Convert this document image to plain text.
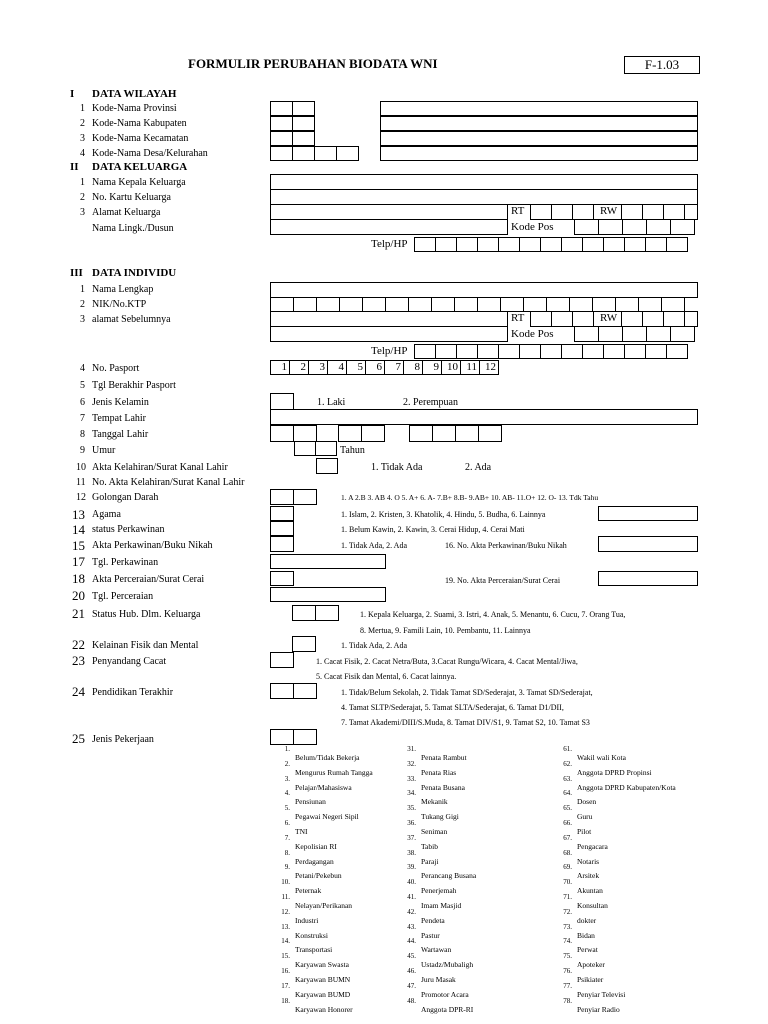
FORMULIR PERUBAHAN BIODATA WNI	F-1.03
I DATA WILAYAH
1 Kode-Nama Provinsi
2 Kode-Nama Kabupaten
3 Kode-Nama Kecamatan
4 Kode-Nama Desa/Kelurahan
II DATA KELUARGA
1 Nama Kepala Keluarga
2 No. Kartu Keluarga
3 Alamat Keluarga
Nama Lingk./Dusun
RT	RW
Kode Pos
Telp/HP
III DATA INDIVIDU
1 Nama Lengkap
2 NIK/No.KTP
3 alamat Sebelumnya	RT	RW
Kode Pos
Telp/HP
4 No. Pasport	1	2	3	4	5	6	7	8	9 10 11 12
5 Tgl Berakhir Pasport
6 Jenis Kelamin	1. Laki	2. Perempuan
7 Tempat Lahir
8 Tanggal Lahir
9 Umur	Tahun
10 Akta Kelahiran/Surat Kanal Lahir	1. Tidak Ada	2. Ada
11 No. Akta Kelahiran/Surat Kanal Lahir
12 Golongan Darah	1. A 2.B 3. AB 4. O 5. A+ 6. A- 7.B+ 8.B- 9.AB+ 10. AB- 11.O+ 12. O- 13. Tdk Tahu
13 Agama	1. Islam, 2. Kristen, 3. Khatolik, 4. Hindu, 5. Budha, 6. Lainnya
14 status Perkawinan	1. Belum Kawin, 2. Kawin, 3. Cerai Hidup, 4. Cerai Mati
15 Akta Perkawinan/Buku Nikah	1. Tidak Ada, 2. Ada	16. No. Akta Perkawinan/Buku Nikah
17 Tgl. Perkawinan
18 Akta Perceraian/Surat Cerai	19. No. Akta Perceraian/Surat Cerai
20 Tgl. Perceraian
21 Status Hub. Dlm. Keluarga	1. Kepala Keluarga, 2. Suami, 3. Istri, 4. Anak, 5. Menantu, 6. Cucu, 7. Orang Tua,
8. Mertua, 9. Famili Lain, 10. Pembantu, 11. Lainnya
22 Kelainan Fisik dan Mental	1. Tidak Ada, 2. Ada
23 Penyandang Cacat	1. Cacat Fisik, 2. Cacat Netra/Buta, 3.Cacat Rungu/Wicara, 4. Cacat Mental/Jiwa,
5. Cacat Fisik dan Mental, 6. Cacat lainnya.
24 Pendidikan Terakhir	1. Tidak/Belum Sekolah, 2. Tidak Tamat SD/Sederajat, 3. Tamat SD/Sederajat,
4. Tamat SLTP/Sederajat, 5. Tamat SLTA/Sederajat, 6. Tamat D1/DII,
7. Tamat Akademi/DIII/S.Muda, 8. Tamat DIV/S1, 9. Tamat S2, 10. Tamat S3
25 Jenis Pekerjaan
1.Belum/Tidak Bekerja
2.Mengurus Rumah Tangga
3.Pelajar/Mahasiswa
4.Pensiunan
5.Pegawai Negeri Sipil
6.TNI
7.Kepolisian RI
8.Perdagangan
9.Petani/Pekebun
10.Peternak
11.Nelayan/Perikanan
12.Industri
13.Konstruksi
14.Transportasi
15.Karyawan Swasta
16.Karyawan BUMN
17.Karyawan BUMD
18.Karyawan Honorer
31.Penata Rambut
32.Penata Rias
33.Penata Busana
34.Mekanik
35.Tukang Gigi
36.Seniman
37.Tabib
38.Paraji
39.Perancang Busana
40.Penerjemah
41.Imam Masjid
42.Pendeta
43.Pastur
44.Wartawan
45.Ustadz/Mubaligh
46.Juru Masak
47.Promotor Acara
48.Anggota DPR-RI
61.Wakil wali Kota
62.Anggota DPRD Propinsi
63.Anggota DPRD Kabupaten/Kota
64.Dosen
65.Guru
66.Pilot
67.Pengacara
68.Notaris
69.Arsitek
70.Akuntan
71.Konsultan
72.dokter
73.Bidan
74.Perwat
75.Apoteker
76.Psikiater
77.Penyiar Televisi
78.Penyiar Radio
